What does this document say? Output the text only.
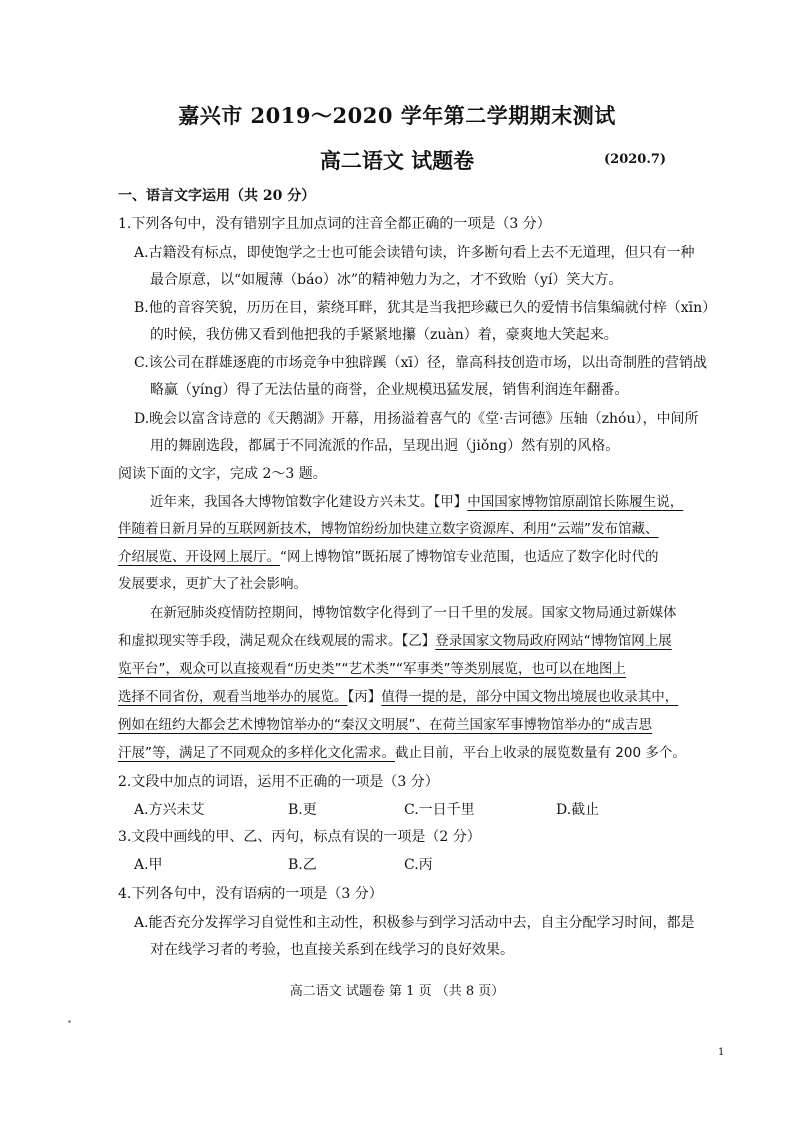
嘉兴市 2019～2020 学年第二学期期末测试
高二语文 试题卷	(2020.7)
一、语言文字运用（共 20 分）
1.下列各句中，没有错别字且加点词的注音全都正确的一项是（3 分）
A.古籍没有标点，即使饱学之士也可能会读错句读，许多断句看上去不无道理，但只有一种
最合原意，以“如履薄（báo）冰”的精神勉力为之，才不致贻（yí）笑大方。
B.他的音容笑貌，历历在目，萦绕耳畔，犹其是当我把珍藏已久的爱情书信集编就付梓（xīn）
的时候，我仿佛又看到他把我的手紧紧地攥（zuàn）着，豪爽地大笑起来。
C.该公司在群雄逐鹿的市场竞争中独辟蹊（xī）径，靠高科技创造市场，以出奇制胜的营销战
略赢（yíng）得了无法估量的商誉，企业规模迅猛发展，销售利润连年翻番。
D.晚会以富含诗意的《天鹅湖》开幕，用扬溢着喜气的《堂·吉诃德》压轴（zhóu），中间所
用的舞剧选段，都属于不同流派的作品，呈现出迥（jiǒng）然有别的风格。
阅读下面的文字，完成 2～3 题。
近年来，我国各大博物馆数字化建设方兴未艾。【甲】中国国家博物馆原副馆长陈履生说，
伴随着日新月异的互联网新技术，博物馆纷纷加快建立数字资源库、利用“云端”发布馆藏、
介绍展览、开设网上展厅。“网上博物馆”既拓展了博物馆专业范围，也适应了数字化时代的
发展要求，更扩大了社会影响。
在新冠肺炎疫情防控期间，博物馆数字化得到了一日千里的发展。国家文物局通过新媒体
和虚拟现实等手段，满足观众在线观展的需求。【乙】登录国家文物局政府网站“博物馆网上展
览平台”，观众可以直接观看“历史类”“艺术类”“军事类”等类别展览，也可以在地图上
选择不同省份，观看当地举办的展览。【丙】值得一提的是，部分中国文物出境展也收录其中，
例如在纽约大都会艺术博物馆举办的“秦汉文明展”、在荷兰国家军事博物馆举办的“成吉思
汗展”等，满足了不同观众的多样化文化需求。截止目前，平台上收录的展览数量有 200 多个。
2.文段中加点的词语，运用不正确的一项是（3 分）
A.方兴未艾	B.更	C.一日千里	D.截止
3.文段中画线的甲、乙、丙句，标点有误的一项是（2 分）
A.甲	B.乙	C.丙
4.下列各句中，没有语病的一项是（3 分）
A.能否充分发挥学习自觉性和主动性，积极参与到学习活动中去，自主分配学习时间，都是
对在线学习者的考验，也直接关系到在线学习的良好效果。
高二语文 试题卷 第 1 页 （共 8 页）
1
